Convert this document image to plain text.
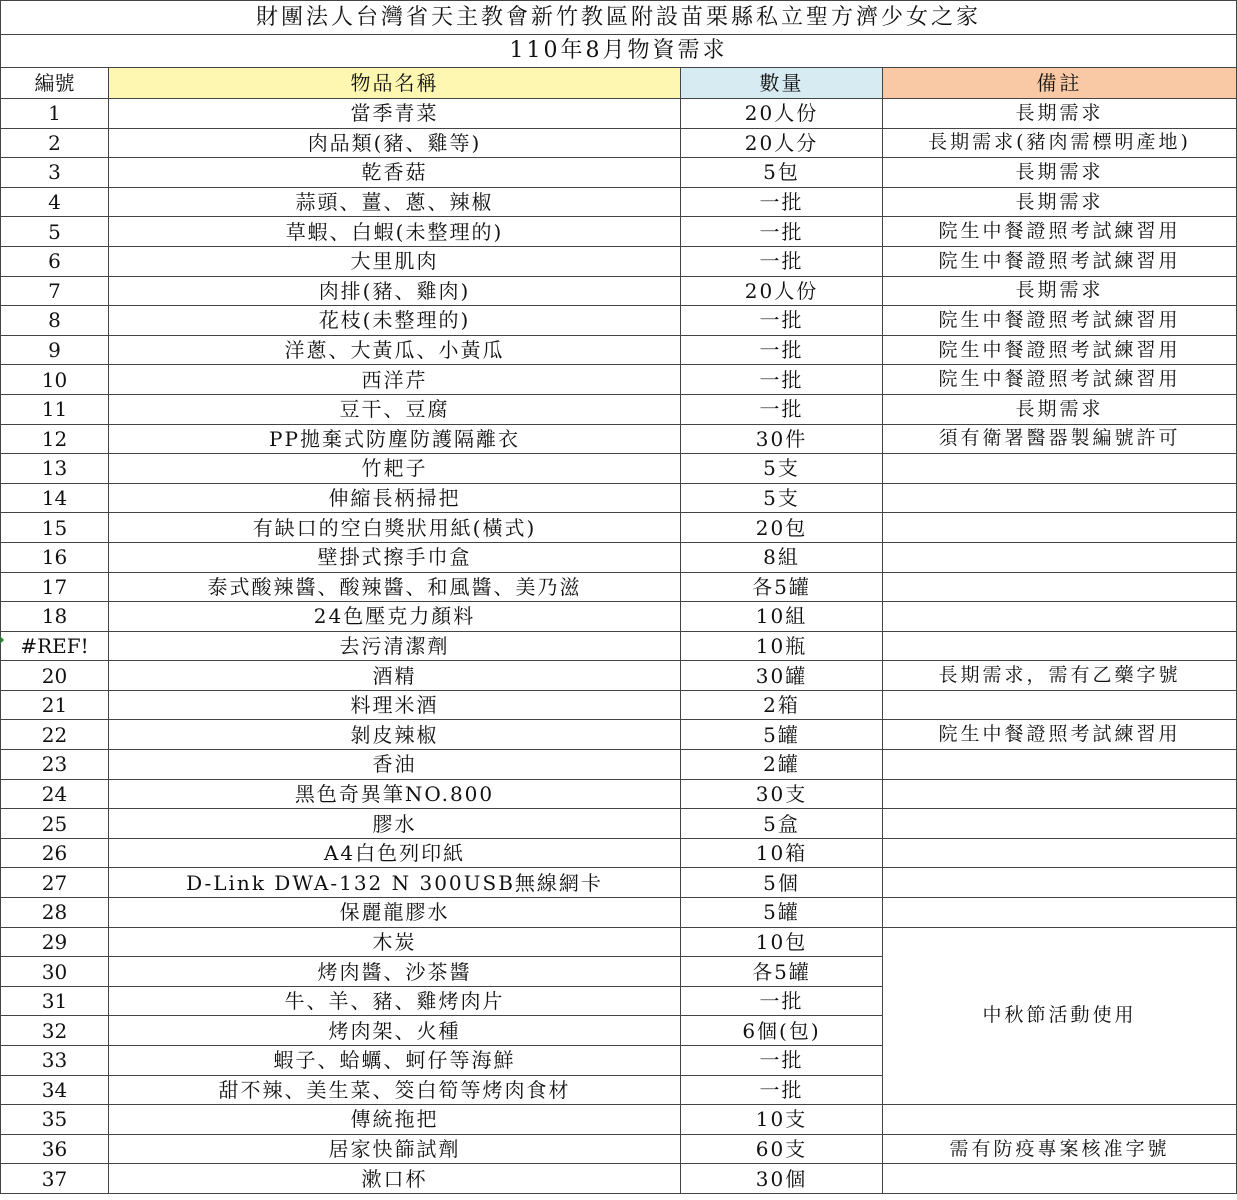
財團法人台灣省天主教會新竹教區附設苗栗縣私立聖方濟少女之家			
110年8月物資需求			
編號	物品名稱	數量	備註
1	當季青菜	20人份	長期需求
2	肉品類(豬、雞等)	20人分	長期需求(豬肉需標明產地)
3	乾香菇	5包	長期需求
4	蒜頭、薑、蔥、辣椒	一批	長期需求
5	草蝦、白蝦(未整理的)	一批	院生中餐證照考試練習用
6	大里肌肉	一批	院生中餐證照考試練習用
7	肉排(豬、雞肉)	20人份	長期需求
8	花枝(未整理的)	一批	院生中餐證照考試練習用
9	洋蔥、大黃瓜、小黃瓜	一批	院生中餐證照考試練習用
10	西洋芹	一批	院生中餐證照考試練習用
11	豆干、豆腐	一批	長期需求
12	PP拋棄式防塵防護隔離衣	30件	須有衛署醫器製編號許可
13	竹耙子	5支	
14	伸縮長柄掃把	5支	
15	有缺口的空白獎狀用紙(橫式)	20包	
16	壁掛式擦手巾盒	8組	
17	泰式酸辣醬、酸辣醬、和風醬、美乃滋	各5罐	
18	24色壓克力顏料	10組	
#REF!	去污清潔劑	10瓶	
20	酒精	30罐	長期需求，需有乙藥字號
21	料理米酒	2箱	
22	剝皮辣椒	5罐	院生中餐證照考試練習用
23	香油	2罐	
24	黑色奇異筆NO.800	30支	
25	膠水	5盒	
26	A4白色列印紙	10箱	
27	D-Link DWA-132 N 300USB無線網卡	5個	
28	保麗龍膠水	5罐	
29	木炭	10包	中秋節活動使用
30	烤肉醬、沙茶醬	各5罐	
31	牛、羊、豬、雞烤肉片	一批	
32	烤肉架、火種	6個(包)	
33	蝦子、蛤蠣、蚵仔等海鮮	一批	
34	甜不辣、美生菜、筊白筍等烤肉食材	一批	
35	傳統拖把	10支	
36	居家快篩試劑	60支	需有防疫專案核准字號
37	漱口杯	30個	
